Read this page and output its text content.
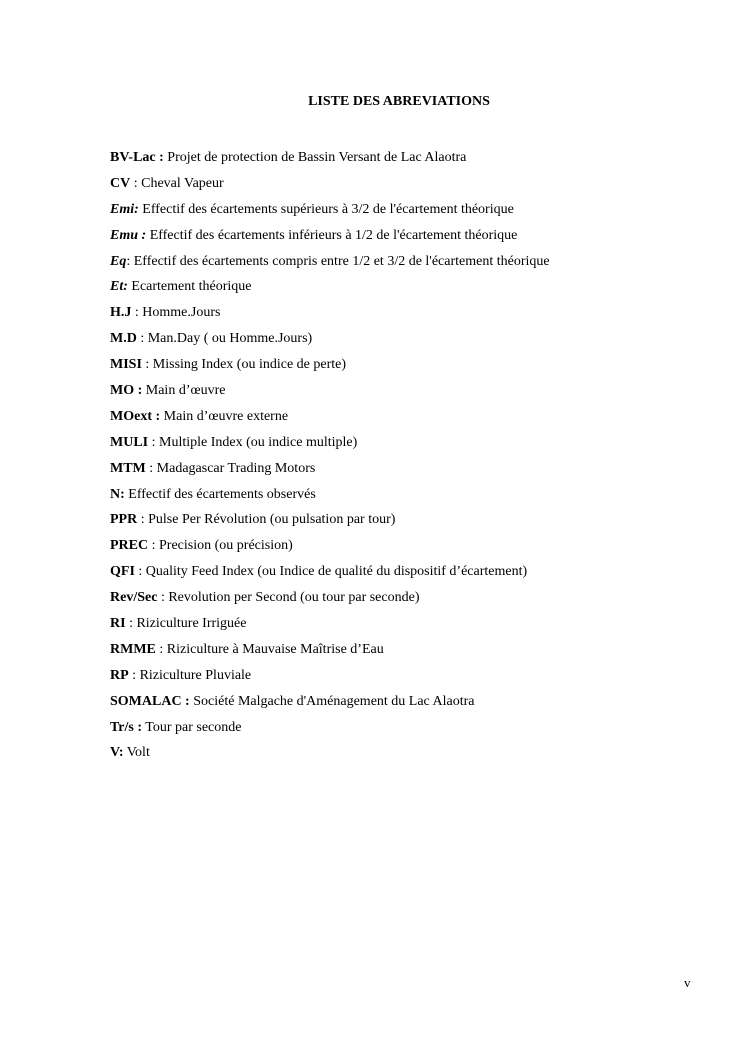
LISTE DES ABREVIATIONS
BV-Lac : Projet de protection de Bassin Versant de Lac Alaotra
CV : Cheval Vapeur
Emi: Effectif des écartements supérieurs à 3/2 de l'écartement théorique
Emu : Effectif des écartements inférieurs à 1/2 de l'écartement théorique
Eq: Effectif des écartements compris entre 1/2 et 3/2 de l'écartement théorique
Et: Ecartement théorique
H.J : Homme.Jours
M.D : Man.Day ( ou Homme.Jours)
MISI : Missing Index (ou indice de perte)
MO : Main d’œuvre
MOext : Main d’œuvre externe
MULI : Multiple Index (ou indice multiple)
MTM : Madagascar Trading Motors
N: Effectif des écartements observés
PPR : Pulse Per Révolution (ou pulsation par tour)
PREC : Precision (ou précision)
QFI : Quality Feed Index (ou Indice de qualité du dispositif d’écartement)
Rev/Sec : Revolution per Second (ou tour par seconde)
RI : Riziculture Irriguée
RMME : Riziculture à Mauvaise Maîtrise d’Eau
RP : Riziculture Pluviale
SOMALAC : Société Malgache d'Aménagement du Lac Alaotra
Tr/s : Tour par seconde
V: Volt
v
